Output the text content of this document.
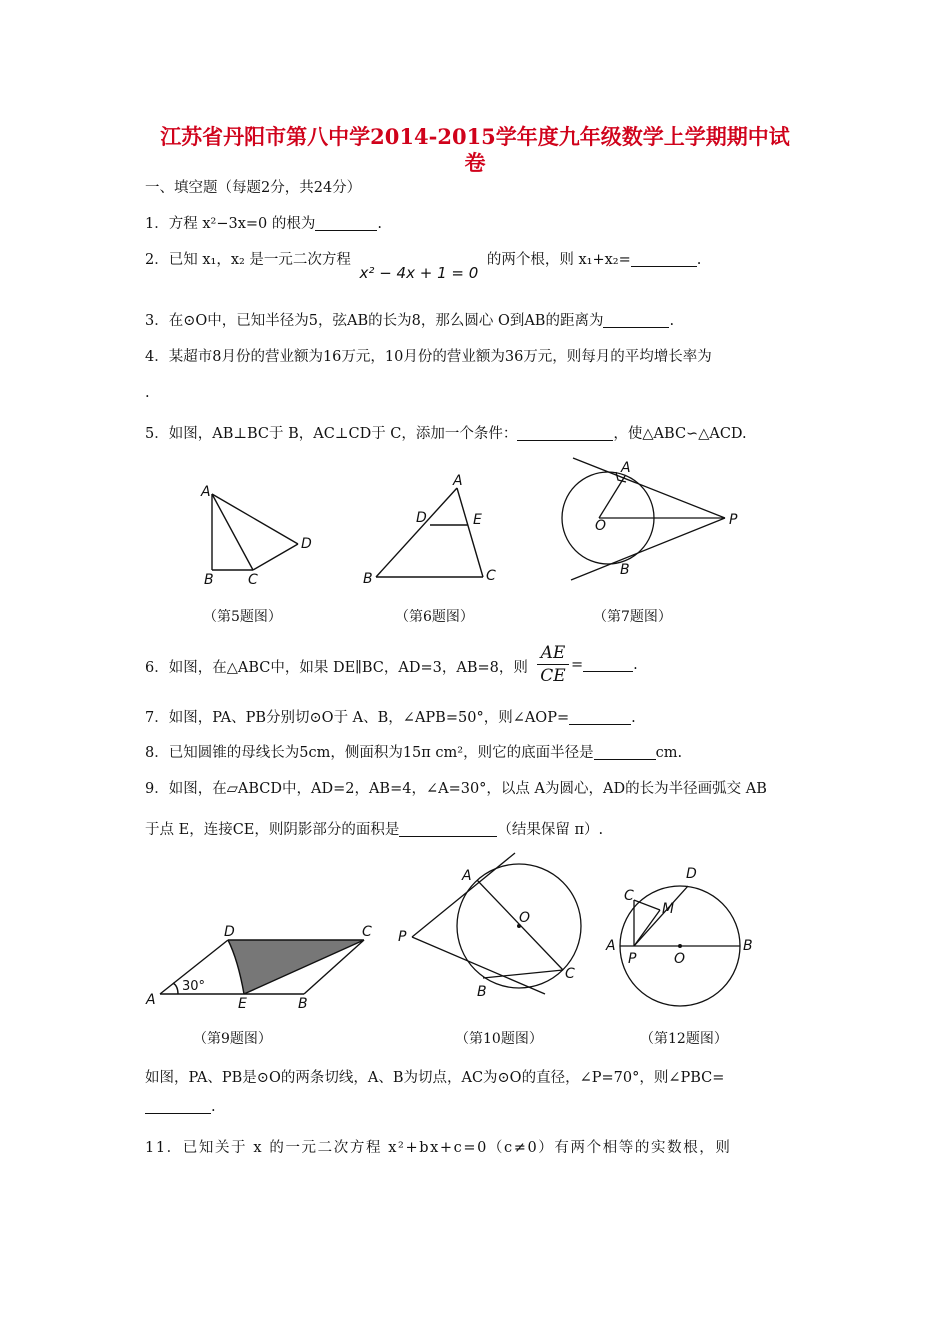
江苏省丹阳市第八中学2014-2015学年度九年级数学上学期期中试
卷
一、填空题（每题2分，共24分）
1．方程 x²−3x=0 的根为	.
2．已知 x₁，x₂ 是一元二次方程 x² − 4x + 1 = 0 的两个根，则 x₁+x₂=	.
3．在⊙O中，已知半径为5，弦AB的长为8，那么圆心 O到AB的距离为	.
4．某超市8月份的营业额为16万元，10月份的营业额为36万元，则每月的平均增长率为
.
5．如图，AB⊥BC于 B，AC⊥CD于 C，添加一个条件：	，使△ABC∽△ACD.
A
B C
D
A
D	E
B	C
A
O	P
B
（第5题图）	（第6题图）	（第7题图）
6．如图，在△ABC中，如果 DE∥BC，AD=3，AB=8，则 $\frac{AE}{CE}$ =	.
7．如图，PA、PB分别切⊙O于 A、B，∠APB=50°，则∠AOP=	.
8．已知圆锥的母线长为5cm，侧面积为15π cm²，则它的底面半径是	cm.
9．如图，在▱ABCD中，AD=2，AB=4，∠A=30°，以点 A为圆心，AD的长为半径画弧交 AB
于点 E，连接CE，则阴影部分的面积是	（结果保留 π）.
D	C
A	E	B
30°
A
O
P
C
B
C
D
M
A
P	O
B
（第9题图）	（第10题图）	（第12题图）
如图，PA、PB是⊙O的两条切线，A、B为切点，AC为⊙O的直径，∠P=70°，则∠PBC=
.
11．已知关于 x 的一元二次方程 x²+bx+c=0（c≠0）有两个相等的实数根，则
